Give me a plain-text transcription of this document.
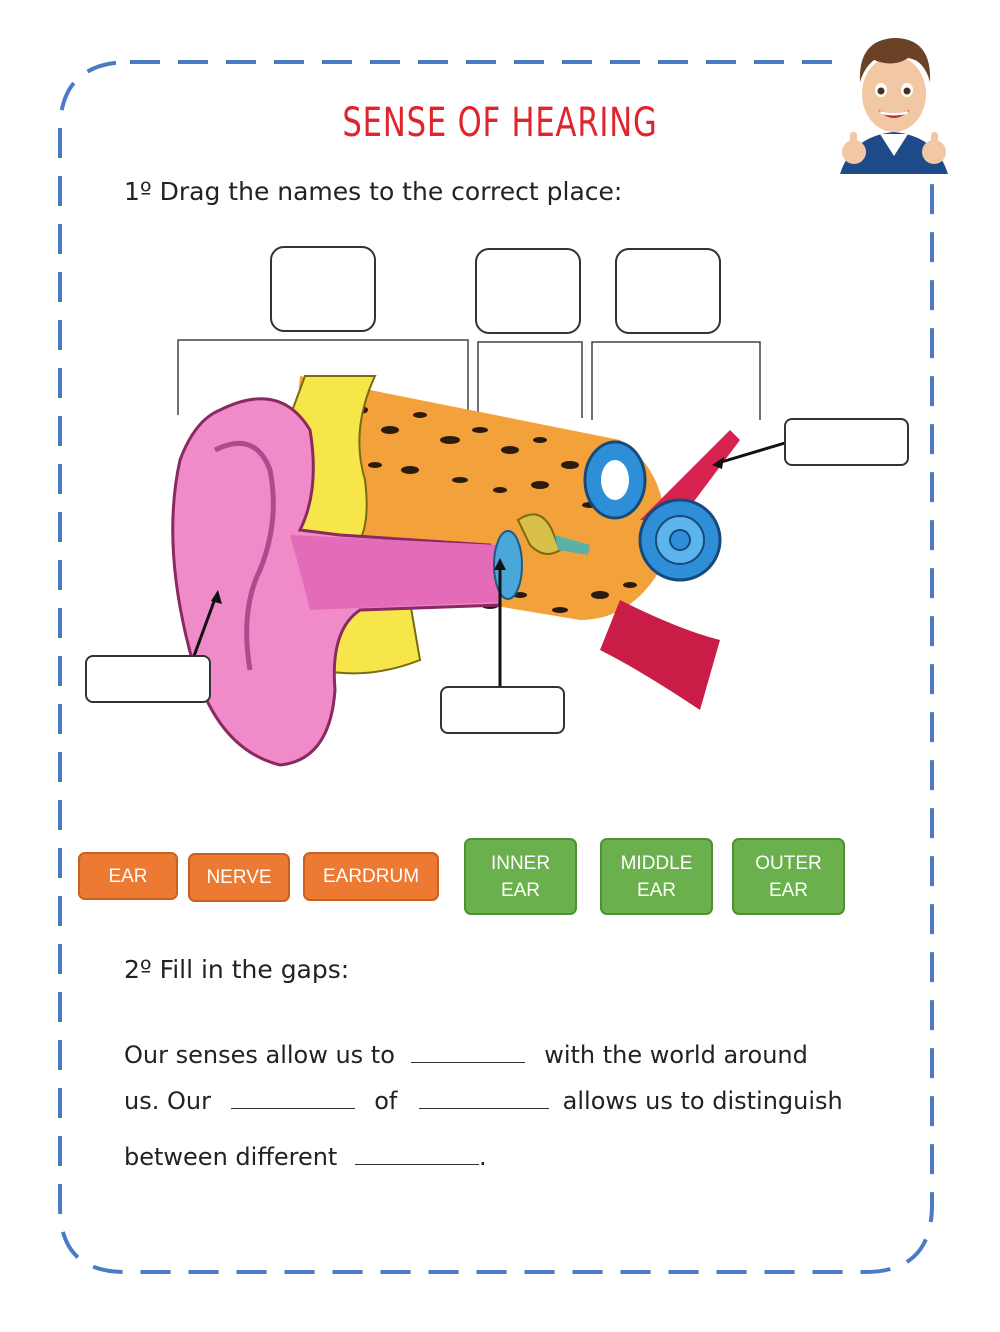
SENSE OF HEARING
1º Drag the names to the correct place:
EAR	NERVE	EARDRUM
INNER
EAR
MIDDLE
EAR
OUTER
EAR
2º Fill in the gaps:
Our senses allow us to	with the world around
us. Our	of	allows us to distinguish
between different	.
